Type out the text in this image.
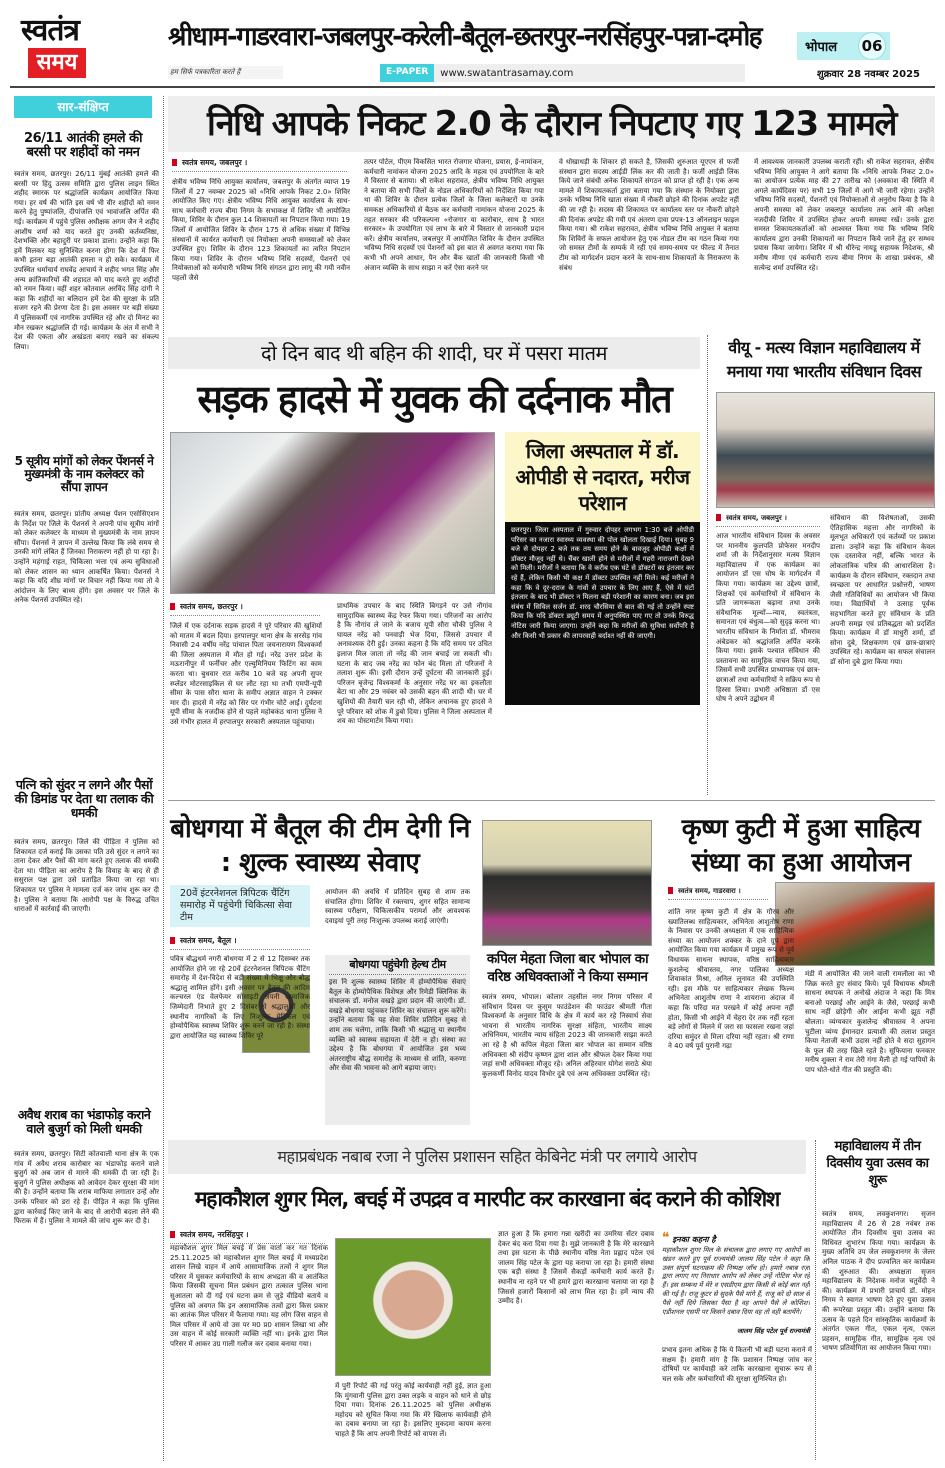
स्वतंत्र
समय
श्रीधाम-गाडरवारा-जबलपुर-करेली-बैतूल-छतरपुर-नरसिंहपुर-पन्ना-दमोह	भोपाल 06
हम सिर्फ पत्रकारिता करते हैं	E-PAPER	www.swatantrasamay.com	शुक्रवार 28 नवम्बर 2025
सार-संक्षिप्त
26/11 आतंकी हमले की बरसी पर शहीदों को नमन
स्वतंत्र समय, छतरपुर। 26/11 मुंबई आतंकी हमले की बरसी पर हिंदु उत्सव समिति द्वारा पुलिस लाइन स्थित शहीद स्मारक पर श्रद्धांजलि कार्यक्रम आयोजित किया गया। हर वर्ष की भांति इस वर्ष भी वीर शहीदों को नमन करने हेतु पुष्पांजलि, दीपांजलि एवं भावांजलि अर्पित की गई। कार्यक्रम में पहुंचे पुलिस अधीक्षक अगम जैन ने शहीद आशीष शर्मा को याद करते हुए उनकी कर्तव्यनिष्ठा, देशभक्ति और बहादुरी पर प्रकाश डाला। उन्होंने कहा कि हमें मिलकर यह सुनिश्चित करना होगा कि देश में फिर कभी इतना बड़ा आतंकी हमला न हो सके। कार्यक्रम में उपस्थित धर्माचार्य राघवेंद्र आचार्य ने शहीद भगत सिंह और अन्य क्रांतिकारियों की शहादत को याद करते हुए शहीदों को नमन किया। वहीं शहर कोतवाल अरविंद सिंह दांगी ने कहा कि शहीदों का बलिदान हमें देश की सुरक्षा के प्रति सजग रहने की प्रेरणा देता है। इस अवसर पर बड़ी संख्या में पुलिसकर्मी एवं नागरिक उपस्थित रहे और दो मिनट का मौन रखकर श्रद्धांजलि दी गई। कार्यक्रम के अंत में सभी ने देश की एकता और अखंडता बनाए रखने का संकल्प लिया।
5 सूत्रीय मांगों को लेकर पेंशनर्स ने मुख्यमंत्री के नाम कलेक्टर को सौंपा ज्ञापन
स्वतंत्र समय, छतरपुर। प्रांतीय अध्यक्ष पेंशन एसोसिएशन के निर्देश पर जिले के पेंशनर्स ने अपनी पांच सूत्रीय मांगों को लेकर कलेक्टर के माध्यम से मुख्यमंत्री के नाम ज्ञापन सौंपा। पेंशनर्स ने ज्ञापन में उल्लेख किया कि लंबे समय से उनकी मांगें लंबित हैं जिनका निराकरण नहीं हो पा रहा है। उन्होंने महंगाई राहत, चिकित्सा भत्ता एवं अन्य सुविधाओं को लेकर शासन का ध्यान आकर्षित किया। पेंशनर्स ने कहा कि यदि शीघ्र मांगों पर विचार नहीं किया गया तो वे आंदोलन के लिए बाध्य होंगे। इस अवसर पर जिले के अनेक पेंशनर्स उपस्थित रहे।
पत्नि को सुंदर न लगने और पैसों की डिमांड पर देता था तलाक की धमकी
स्वतंत्र समय, छतरपुर। जिले की पीड़िता ने पुलिस को शिकायत दर्ज कराई कि उसका पति उसे सुंदर न लगने का ताना देकर और पैसों की मांग करते हुए तलाक की धमकी देता था। पीड़िता का आरोप है कि विवाह के बाद से ही ससुराल पक्ष द्वारा उसे प्रताड़ित किया जा रहा था। शिकायत पर पुलिस ने मामला दर्ज कर जांच शुरू कर दी है। पुलिस ने बताया कि आरोपी पक्ष के विरुद्ध उचित धाराओं में कार्रवाई की जाएगी।
अवैध शराब का भंडाफोड़ कराने वाले बुजुर्ग को मिली धमकी
स्वतंत्र समय, छतरपुर। सिटी कोतवाली थाना क्षेत्र के एक गांव में अवैध शराब कारोबार का भंडाफोड़ कराने वाले बुजुर्ग को अब जान से मारने की धमकी दी जा रही है। बुजुर्ग ने पुलिस अधीक्षक को आवेदन देकर सुरक्षा की मांग की है। उन्होंने बताया कि शराब माफिया लगातार उन्हें और उनके परिवार को डरा रहे हैं। पीड़ित ने कहा कि पुलिस द्वारा कार्रवाई किए जाने के बाद से आरोपी बदला लेने की फिराक में हैं। पुलिस ने मामले की जांच शुरू कर दी है।
निधि आपके निकट 2.0 के दौरान निपटाए गए 123 मामले
स्वतंत्र समय, जबलपुर ।
क्षेत्रीय भविष्य निधि आयुक्त कार्यालय, जबलपुर के अंतर्गत व्याप्त 19 जिलों में 27 नवम्बर 2025 को «निधि आपके निकट 2.0» शिविर आयोजित किए गए। क्षेत्रीय भविष्य निधि आयुक्त कार्यालय के साथ-साथ कर्मचारी राज्य बीमा निगम के सभाकक्ष में शिविर भी आयोजित किया, शिविर के दौरान कुल 14 शिकायतों का निपटान किया गया। 19 जिलों में आयोजित शिविर के दौरान 175 से अधिक संख्या में विभिन्न संस्थानों में कार्यरत कर्मचारी एवं नियोक्ता अपनी समस्याओं को लेकर उपस्थित हुए। शिविर के दौरान 123 शिकायतों का त्वरित निपटान किया गया। शिविर के दौरान भविष्य निधि सदस्यों, पेंशनरों एवं नियोक्ताओं को कर्मचारी भविष्य निधि संगठन द्वारा लागू की गयी नवीन पहलों जैसे
तत्पर पोर्टल, पीएम विकसित भारत रोजगार योजना, प्रयास, ई-नामांकन, कर्मचारी नामांकन योजना 2025 आदि के महत्व एवं उपयोगिता के बारे में विस्तार से बताया। श्री राकेश सहरावत, क्षेत्रीय भविष्य निधि आयुक्त ने बताया की सभी जिलों के नोडल अधिकारियों को निर्देशित किया गया था की शिविर के दौरान प्रत्येक जिलों के जिला कलेक्टरों या उनके समकक्ष अधिकारियों से बैठक कर कर्मचारी नामांकन योजना 2025 के तहत सरकार की परिकल्पना «रोजगार या कारोबार, साथ है भारत सरकार» के उपयोगिता एवं लाभ के बारे में विस्तार से जानकारी प्रदान करें। क्षेत्रीय कार्यालय, जबलपुर में आयोजित शिविर के दौरान उपस्थित भविष्य निधि सदस्यों एवं पेंशनरों को इस बात से अवगत कराया गया कि कभी भी अपने आधार, पैन और बैंक खातों की जानकारी किसी भी अंजान व्यक्ति के साथ साझा न करें ऐसा करने पर
वे धोखाधड़ी के शिकार हो सकते है, जिसकी शुरुआत यूएएन से फर्जी संस्थान द्वारा सदस्य आईडी लिंक कर की जाती है। फर्जी आईडी लिंक किये जाने संबंधी अनेक शिकायतें संगठन को प्राप्त हो रही है। एक अन्य मामले में शिकायतकर्ता द्वारा बताया गया कि संस्थान के नियोक्ता द्वारा उनके भविष्य निधि खाता संख्या में नौकरी छोड़ने की दिनांक अपडेट नहीं की जा रही है। सदस्य की शिकायत पर कार्यालय स्तर पर नौकरी छोड़ने की दिनांक अपडेट की गयी एवं अंतरण दावा प्रपत्र-13 ऑनलाइन फाइल किया गया। श्री राकेश सहरावत, क्षेत्रीय भविष्य निधि आयुक्त ने बताया कि शिविरों के सफल आयोजन हेतु एक नोडल टीम का गठन किया गया जो समस्त टीमों के सम्पर्क में रही एवं समय-समय पर फील्ड में तैनात टीम को मार्गदर्शन प्रदान करने के साथ-साथ शिकायतों के निराकरण के संबंध
में आवश्यक जानकारी उपलब्ध कराती रहीं। श्री राकेश सहरावत, क्षेत्रीय भविष्य निधि आयुक्त ने आगे बताया कि «निधि आपके निकट 2.0» का आयोजन प्रत्येक माह की 27 तारीख को (अवकाश की स्थिति में अगले कार्यदिवस पर) सभी 19 जिलों में आगे भी जारी रहेगा। उन्होंने भविष्य निधि सदस्यों, पेंशनरों एवं नियोक्ताओं से अनुरोध किया है कि वे अपनी समस्या को लेकर जबलपुर कार्यालय तक आने की अपेक्षा नजदीकी शिविर में उपस्थित होकर अपनी समस्या रखें। उनके द्वारा समस्त शिकायतकर्ताओं को आश्वस्त किया गया कि भविष्य निधि कार्यालय द्वारा उनकी शिकायतों का निपटान किये जाने हेतु हर सम्भव प्रयास किया जायेगा। शिविर में श्री धीरेन्द्र नायडू सहायक निदेशक, श्री मनीष मीणा एवं कर्मचारी राज्य बीमा निगम के शाखा प्रबंधक, श्री सत्येन्द्र शर्मा उपस्थित रहे।
दो दिन बाद थी बहिन की शादी, घर में पसरा मातम
सड़क हादसे में युवक की दर्दनाक मौत
स्वतंत्र समय, छतरपुर ।
जिले में एक दर्दनाक सड़क हादसे ने पूरे परिवार की खुशियों को मातम में बदल दिया। हरपालपुर थाना क्षेत्र के सरसेड़ गांव निवासी 24 वर्षीय नरेंद्र पांचाल पिता जयनारायण विश्वकर्मा की जिला अस्पताल में मौत हो गई। नरेंद्र उत्तर प्रदेश के मऊरानीपुर में फर्नीचर और एल्युमिनियम फिटिंग का काम करता था। बुधवार रात करीब 10 बजे वह अपनी सुपर स्प्लेंडर मोटरसाइकिल से घर लौट रहा था तभी एमपी-यूपी सीमा के पास सौरा थाना के समीप अज्ञात वाहन ने टक्कर मार दी। हादसे में नरेंद्र को सिर पर गंभीर चोटें आईं। दुर्घटना यूपी सीमा के नजदीक होने से पहले महोबकंठ थाना पुलिस ने उसे गंभीर हालत में हरपालपुर सरकारी अस्पताल पहुंचाया।
प्राथमिक उपचार के बाद स्थिति बिगड़ने पर उसे नौगांव सामुदायिक स्वास्थ्य केंद्र रेफर किया गया। परिजनों का आरोप है कि नौगांव ले जाने के बजाय यूपी सौरा चौकी पुलिस ने घायल नरेंद्र को पनवाड़ी भेज दिया, जिससे उपचार में अनावश्यक देरी हुई। उनका कहना है कि यदि समय पर उचित इलाज मिल जाता तो नरेंद्र की जान बचाई जा सकती थी। घटना के बाद जब नरेंद्र का फोन बंद मिला तो परिजनों ने तलाश शुरू की। इसी दौरान उन्हें दुर्घटना की जानकारी हुई। परिजन बृजेन्द्र विश्वकर्मा के अनुसार नरेंद्र घर का इकलौता बेटा था और 29 नवंबर को उसकी बहन की शादी थी। घर में खुशियों की तैयारी चल रही थी, लेकिन अचानक हुए हादसे ने पूरे परिवार को शोक में डुबो दिया। पुलिस ने जिला अस्पताल में शव का पोस्टमार्टम किया गया।
जिला अस्पताल में डॉ. ओपीडी से नदारत, मरीज परेशान
छतरपुर। जिला अस्पताल में गुरुवार दोपहर लगभग 1:30 बजे ओपीडी परिसर का नजारा स्वास्थ्य व्यवस्था की पोल खोलता दिखाई दिया। सुबह 9 बजे से दोपहर 2 बजे तक तय समय होने के बावजूद ओपीडी कक्षों में डॉक्टर मौजूद नहीं थे। चैंबर खाली होने से मरीजों में गहरी नाराजगी देखने को मिली। मरीजों ने बताया कि वे करीब एक घंटे से डॉक्टरों का इंतजार कर रहे हैं, लेकिन किसी भी कक्ष में डॉक्टर उपस्थित नहीं मिले। कई मरीजों ने कहा कि वे दूर-दराज के गांवों से उपचार के लिए आए हैं, ऐसे में घंटों इंतजार के बाद भी डॉक्टर न मिलना बड़ी परेशानी का कारण बना। जब इस संबंध में सिविल सर्जन डॉ. शरद चौरसिया से बात की गई तो उन्होंने स्पष्ट किया कि यदि डॉक्टर ड्यूटी समय में अनुपस्थित पाए गए तो उनके विरुद्ध नोटिस जारी किया जाएगा। उन्होंने कहा कि मरीजों की सुविधा सर्वोपरि है और किसी भी प्रकार की लापरवाही बर्दाश्त नहीं की जाएगी।
वीयू - मत्स्य विज्ञान महाविद्यालय में मनाया गया भारतीय संविधान दिवस
स्वतंत्र समय, जबलपुर ।
आज भारतीय संविधान दिवस के अवसर पर माननीय कुलपति प्रोफेसर मनदीप शर्मा जी के निर्देशानुसार मत्स्य विज्ञान महाविद्यालय में एक कार्यक्रम का आयोजन डॉ एस घोष के मार्गदर्शन में किया गया। कार्यक्रम का उद्देश्य छात्रों, शिक्षकों एवं कर्मचारियों में संविधान के प्रति जागरूकता बढ़ाना तथा उनके संवैधानिक मूल्यों—न्याय, स्वतंत्रता, समानता एवं बंधुत्व—को सुदृढ़ करना था। भारतीय संविधान के निर्माता डॉ. भीमराव अंबेडकर को श्रद्धांजलि अर्पित करके किया गया। इसके पश्चात संविधान की प्रस्तावना का सामूहिक वाचन किया गया, जिसमें सभी उपस्थित प्राध्यापक एवं छात्र-छात्राओं तथा कर्मचारियों ने सक्रिय रूप से हिस्सा लिया। प्रभारी अधिष्ठाता डॉ एस घोष ने अपने उद्बोधन में
संविधान की विशेषताओं, उसकी ऐतिहासिक महत्ता और नागरिकों के मूलभूत अधिकारों एवं कर्तव्यों पर प्रकाश डाला। उन्होंने कहा कि संविधान केवल एक दस्तावेज नहीं, बल्कि भारत के लोकतांत्रिक चरित्र की आधारशिला है। कार्यक्रम के दौरान संविधान, रक्तदान तथा स्वच्छता पर आधारित प्रश्नोत्तरी, भाषण जैसी गतिविधियों का आयोजन भी किया गया। विद्यार्थियों ने उत्साह पूर्वक सहभागिता करते हुए संविधान के प्रति अपनी समझ एवं प्रतिबद्धता को प्रदर्शित किया। कार्यक्रम में डॉ माधुरी शर्मा, डॉ सोना दुबे, शिक्षकगण एवं छात्र-छात्राएं उपस्थित रहे। कार्यक्रम का सफल संचालन डॉ सोना दुबे द्वारा किया गया।
बोधगया में बैतूल की टीम देगी नि : शुल्क स्वास्थ्य सेवाए
20वें इंटरनेशनल त्रिपिटक चैंटिंग समारोह में पहुंचेगी चिकित्सा सेवा टीम
स्वतंत्र समय, बैतूल ।
पवित्र बौद्धधर्म नगरी बोधगया में 2 से 12 दिसम्बर तक आयोजित होने जा रहे 20वें इंटरनेशनल त्रिपिटक चैंटिंग समारोह में देश-विदेश से बड़ी संख्या में भिक्षु और बौद्ध श्रद्धालु शामिल होंगे। इसी अवसर पर बैतूल की आदिम कल्चरल एंड वेलफेयर सोसाइटी अपनी सामाजिक जिम्मेदारी निभाते हुए 2 दिसंबर से श्रद्धालुओं और स्थानीय नागरिकों के लिए निःशुल्क मेडिकल एवं होम्योपैथिक स्वास्थ्य शिविर शुरू करने जा रही है। संस्था द्वारा आयोजित यह स्वास्थ्य शिविर पूरे
आयोजन की अवधि में प्रतिदिन सुबह से शाम तक संचालित होगा। शिविर में रक्तचाप, शुगर सहित सामान्य स्वास्थ्य परीक्षण, चिकित्सकीय परामर्श और आवश्यक दवाइयां पूरी तरह निःशुल्क उपलब्ध कराई जाएंगी।
बोधगया पहुंचेगी हेल्थ टीम
इस नि शुल्क स्वास्थ्य शिविर में होम्योपैथिक सेवाएं बैतूल के होम्योपैथिक विशेषज्ञ और रिमेडी क्लिनिक के संचालक डॉ. मनोज वखड़े द्वारा प्रदान की जाएंगी। डॉ. वखड़े बोधगया पहुंचकर शिविर का संचालन शुरू करेंगे। उन्होंने बताया कि यह सेवा शिविर प्रतिदिन सुबह से शाम तक चलेगा, ताकि किसी भी श्रद्धालु या स्थानीय व्यक्ति को स्वास्थ्य सहायता में देरी न हो। संस्था का उद्देश्य है कि बोधगया में आयोजित इस भव्य अंतरराष्ट्रीय बौद्ध समारोह के माध्यम से शांति, करुणा और सेवा की भावना को आगे बढ़ाया जाए।
कपिल मेहता जिला बार भोपाल का वरिष्ठ अधिवक्ताओं ने किया सम्मान
स्वतंत्र समय, भोपाल। कोलार तहसील नगर निगम परिसर में संविधान दिवस पर कुसुम फाउंडेशन की फाउंडर श्रीमती गीता विश्वकर्मा के अनुसार विधि के क्षेत्र में कार्य कर रहे निस्वार्थ सेवा भावना से भारतीय नागरिक सुरक्षा संहिता, भारतीय साक्ष्य अधिनियम, भारतीय न्याय संहिता 2023 की जानकारी साझा करते आ रहे है श्री कपिल मेहता जिला बार भोपाल का सम्मान वरिष्ठ अधिवक्ता श्री संदीप कृष्णन द्वारा शाल और श्रीफल देकर किया गया जहां सभी अधिवक्ता मौजूद रहे। अनिल अहिरवार योगेश सराठे श्रेया कुलकर्णी विनोद यादव विभोर दुबे एवं अन्य अधिवक्ता उपस्थित रहे।
कृष्ण कुटी में हुआ साहित्य संध्या का हुआ आयोजन
स्वतंत्र समय, गाडरवारा ।
शांति नगर कृष्ण कुटी में क्षेत्र के गौरव और ख्यातिलब्ध साहित्यकार, अभिनेता आशुतोष राणा के निवास पर उनकी अध्यक्षता में एक साहित्यिक संध्या का आयोजन शक्कर के दाने ग्रुप द्वारा आयोजित किया गया कार्यक्रम में प्रमुख रूप से पूर्व विधायक साधना स्थापक, वरिष्ठ साहित्यकार कुशलेन्द्र श्रीवास्तव, नगर पालिका अध्यक्ष शिवाकांत मिश्रा, अनिल लूनावत की उपस्थिति रही। इस मौके पर साहित्यकार लेखक फिल्म अभिनेता आशुतोष राणा ने शायराना अंदाज में कहा कि परिंदा मत परखने में कोई अपना नहीं होता, किसी भी आईने में चेहरा देर तक नहीं रहता बड़े लोगों से मिलने में जरा सा फासला रखना जहां दरिया समुंदर से मिला दरिया नहीं रहता। श्री राणा ने 40 वर्ष पूर्व पुरानी गढ़ा
मंडी में आयोजित की जाने वाली रामलीला का भी जिक्र करते हुए संवाद किये। पूर्व विधायक श्रीमती साधना स्थापक ने अनोखे अंदाज ने कहा कि मित्र बनाओ परछाई और आईने के जैसे, परछाई कभी साथ नहीं छोड़ेगी और आईना कभी झूठ नहीं बोलता। व्यंग्यकार कुशलेन्द्र श्रीवास्तव ने अपना चुटीला व्यंग्य ईमानदार प्रत्याशी की तलाश प्रस्तुत किया नेताजी कभी उदास नहीं होते वे सदा सुहागन के फूल की तरह खिले रहते है। सूफियाना फनकार मनीष शुक्ला ने राम तेरी गंगा मैली हो गई पापियों के पाप धोते-धोते गीत की प्रस्तुति की।
महाप्रबंधक नबाब रजा ने पुलिस प्रशासन सहित केबिनेट मंत्री पर लगाये आरोप
महाकौशल शुगर मिल, बचई में उपद्रव व मारपीट कर कारखाना बंद कराने की कोशिश
स्वतंत्र समय, नरसिंहपुर ।
महाकौशल शुगर मिल बचई में प्रेस वार्ता कर गत दिनांक 25.11.2025 को महाकौशल शुगर मिल बचई में मध्यप्रदेश शासन लिखे वाहन में आये आसामाजिक तत्वों ने शुगर मिल परिसर में घुसकर कर्मचारियों के साथ अभद्रता की व आतंकित किया जिसकी सूचना मिल प्रबंधन द्वारा तत्काल पुलिस थाना सुआतला को दी गई एवं घटना क्रम से जुड़े वीडियो बताये व पुलिस को अवगत कि इन असामाजिक तत्वों द्वारा किस प्रकार का आतंक मिल परिसर में फैलाया गया। यह लोग जिस वाहन से मिल परिसर में आये वो उस पर म0 प्र0 शासन लिखा था और उस वाहन में कोई सरकारी व्यक्ति नहीं था। इनके द्वारा मिल परिसर में आकर उग्र गाली गलौज कर दबाव बनाया गया।
में पुरी रिपोर्ट की गई परंतु कोई कार्यवाही नहीं हुई, ज्ञात हुआ कि मुंगवानी पुलिस द्वारा उक्त लड़के व वाहन को थाने से छोड़ दिया गया। दिनांक 26.11.2025 को पुलिस अधीक्षक महोदय को सूचित किया गया कि मेरे खिलाफ कार्यवाही होने का दबाव बनाया जा रहा है। इसलिए मुकदमा कायम करना चाहते हैं कि आप अपनी रिपोर्ट को वापस लें।
ज्ञात हुआ है कि हमारा गन्ना खरीदी का उमरिया सेंटर दबाव देकर बंद करा दिया गया है। मुझे जानकारी है कि मेरे कारखाने तथा इस घटना के पीछे स्थानीय वरिष्ठ नेता प्रह्लाद पटेल एवं जालम सिंह पटेल के द्वारा यह कराया जा रहा है। हमारी संस्था एक बड़ी संस्था है जिसमें सैकड़ों कर्मचारी कार्य करते हैं। स्थानीय ना रहने पर भी हमारे द्वारा कारखाना चलाया जा रहा है जिससे हजारों किसानों को लाभ मिल रहा है। हमें न्याय की उम्मीद है।
❝ इनका कहना है
महाकौशल शुगर मिल के संचालक द्वारा लगाए गए आरोपों का खंडन करते हुए पूर्व राज्यमंत्री जालम सिंह पटेल ने कहा कि उक्त संपूर्ण घटनाक्रम की निष्पक्ष जाँच हो। हमारे नबाब रज़ा द्वारा लगाए गए निराधार आरोप को लेकर उन्हें नोटिस भेज रहे हैं। इस सम्बन्ध में मेरे व एसडीएम द्वारा किसी से कोई बात नहीं की गई है। राजू कुटर से सुदके पैसे मांगे हैं, राजू को दो साल से पैसे नहीं दिये जिसका पैसा है वह आपने पैसे ले कोशिश। एडीशनल एसपी पर किसने दबाव दिया वह तो वही बतायेंगे।
जालम सिंह पटेल पूर्व राज्यमंत्री
प्रभाव इतना अधिक है कि ये कितनी भी बड़ी घटना कराने में सक्षम हैं। हमारी मांग है कि प्रशासन निष्पक्ष जांच कर दोषियों पर कार्यवाही करे ताकि कारखाना सुचारू रूप से चल सके और कर्मचारियों की सुरक्षा सुनिश्चित हो।
महाविद्यालय में तीन दिवसीय युवा उत्सव का शुरू
स्वतंत्र समय, लवकुशनगर। सृजन महाविद्यालय में 26 से 28 नवंबर तक आयोजित तीन दिवसीय युवा उत्सव का विधिवत शुभारंभ किया गया। कार्यक्रम के मुख्य अतिथि उप जेल लवकुशनगर के जेलर अनिल पाठक ने दीप प्रज्वलित कर कार्यक्रम की शुरुआत की। अध्यक्षता सृजन महाविद्यालय के निदेशक मनोज चतुर्वेदी ने की। कार्यक्रम में प्रभारी प्राचार्य डॉ. मोहन निगम ने स्वागत भाषण देते हुए युवा उत्सव की रूपरेखा प्रस्तुत की। उन्होंने बताया कि उत्सव के पहले दिन सांस्कृतिक कार्यक्रमों के अंतर्गत एकल गीत, एकल नृत्य, एकल प्रहसन, सामूहिक गीत, सामूहिक नृत्य एवं भाषण प्रतियोगिता का आयोजन किया गया।
